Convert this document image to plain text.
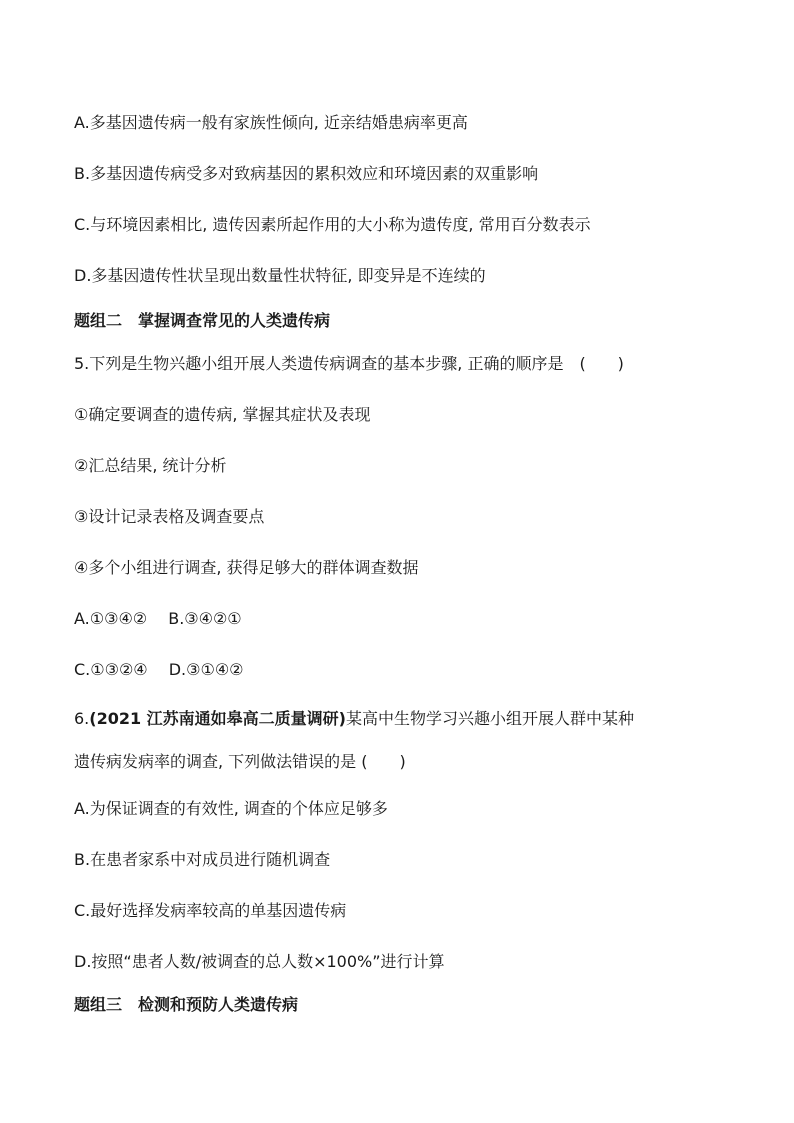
A.多基因遗传病一般有家族性倾向, 近亲结婚患病率更高
B.多基因遗传病受多对致病基因的累积效应和环境因素的双重影响
C.与环境因素相比, 遗传因素所起作用的大小称为遗传度, 常用百分数表示
D.多基因遗传性状呈现出数量性状特征, 即变异是不连续的
题组二　掌握调查常见的人类遗传病
5.下列是生物兴趣小组开展人类遗传病调查的基本步骤, 正确的顺序是　(　　)
①确定要调查的遗传病, 掌握其症状及表现
②汇总结果, 统计分析
③设计记录表格及调查要点
④多个小组进行调查, 获得足够大的群体调查数据
A.①③④②　 B.③④②①
C.①③②④　 D.③①④②
6.(2021 江苏南通如皋高二质量调研)某高中生物学习兴趣小组开展人群中某种
遗传病发病率的调查, 下列做法错误的是 (　　)
A.为保证调查的有效性, 调查的个体应足够多
B.在患者家系中对成员进行随机调查
C.最好选择发病率较高的单基因遗传病
D.按照“患者人数/被调查的总人数×100%”进行计算
题组三　检测和预防人类遗传病
